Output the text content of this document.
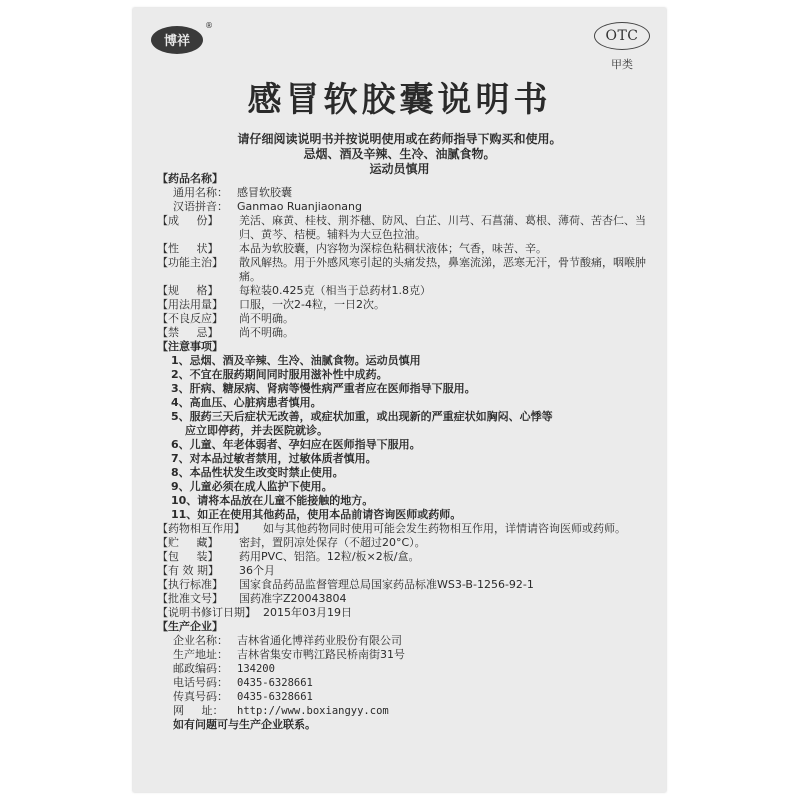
博祥
®
OTC
甲类
感冒软胶囊说明书
请仔细阅读说明书并按说明使用或在药师指导下购买和使用。
忌烟、酒及辛辣、生冷、油腻食物。
运动员慎用
【药品名称】
通用名称： 感冒软胶囊
汉语拼音： Ganmao Ruanjiaonang
【成     份】	羌活、麻黄、桂枝、荆芥穗、防风、白芷、川芎、石菖蒲、葛根、薄荷、苦杏仁、当归、黄芩、桔梗。辅料为大豆色拉油。
【性     状】	本品为软胶囊，内容物为深棕色粘稠状液体；气香，味苦、辛。
【功能主治】	散风解热。用于外感风寒引起的头痛发热，鼻塞流涕，恶寒无汗，骨节酸痛，咽喉肿痛。
【规     格】	每粒装0.425克（相当于总药材1.8克）
【用法用量】	口服，一次2-4粒，一日2次。
【不良反应】	尚不明确。
【禁     忌】	尚不明确。
【注意事项】
1、忌烟、酒及辛辣、生冷、油腻食物。运动员慎用
2、不宜在服药期间同时服用滋补性中成药。
3、肝病、糖尿病、肾病等慢性病严重者应在医师指导下服用。
4、高血压、心脏病患者慎用。
5、服药三天后症状无改善，或症状加重，或出现新的严重症状如胸闷、心悸等
应立即停药，并去医院就诊。
6、儿童、年老体弱者、孕妇应在医师指导下服用。
7、对本品过敏者禁用，过敏体质者慎用。
8、本品性状发生改变时禁止使用。
9、儿童必须在成人监护下使用。
10、请将本品放在儿童不能接触的地方。
11、如正在使用其他药品，使用本品前请咨询医师或药师。
【药物相互作用】	如与其他药物同时使用可能会发生药物相互作用，详情请咨询医师或药师。
【贮     藏】	密封，置阴凉处保存（不超过20°C）。
【包     装】	药用PVC、铝箔。12粒/板×2板/盒。
【有 效 期】	36个月
【执行标准】	国家食品药品监督管理总局国家药品标准WS3-B-1256-92-1
【批准文号】	国药准字Z20043804
【说明书修订日期】 2015年03月19日
【生产企业】
企业名称： 吉林省通化博祥药业股份有限公司
生产地址： 吉林省集安市鸭江路民桥南街31号
邮政编码： 134200
电话号码： 0435-6328661
传真号码： 0435-6328661
网     址：	http://www.boxiangyy.com
如有问题可与生产企业联系。
